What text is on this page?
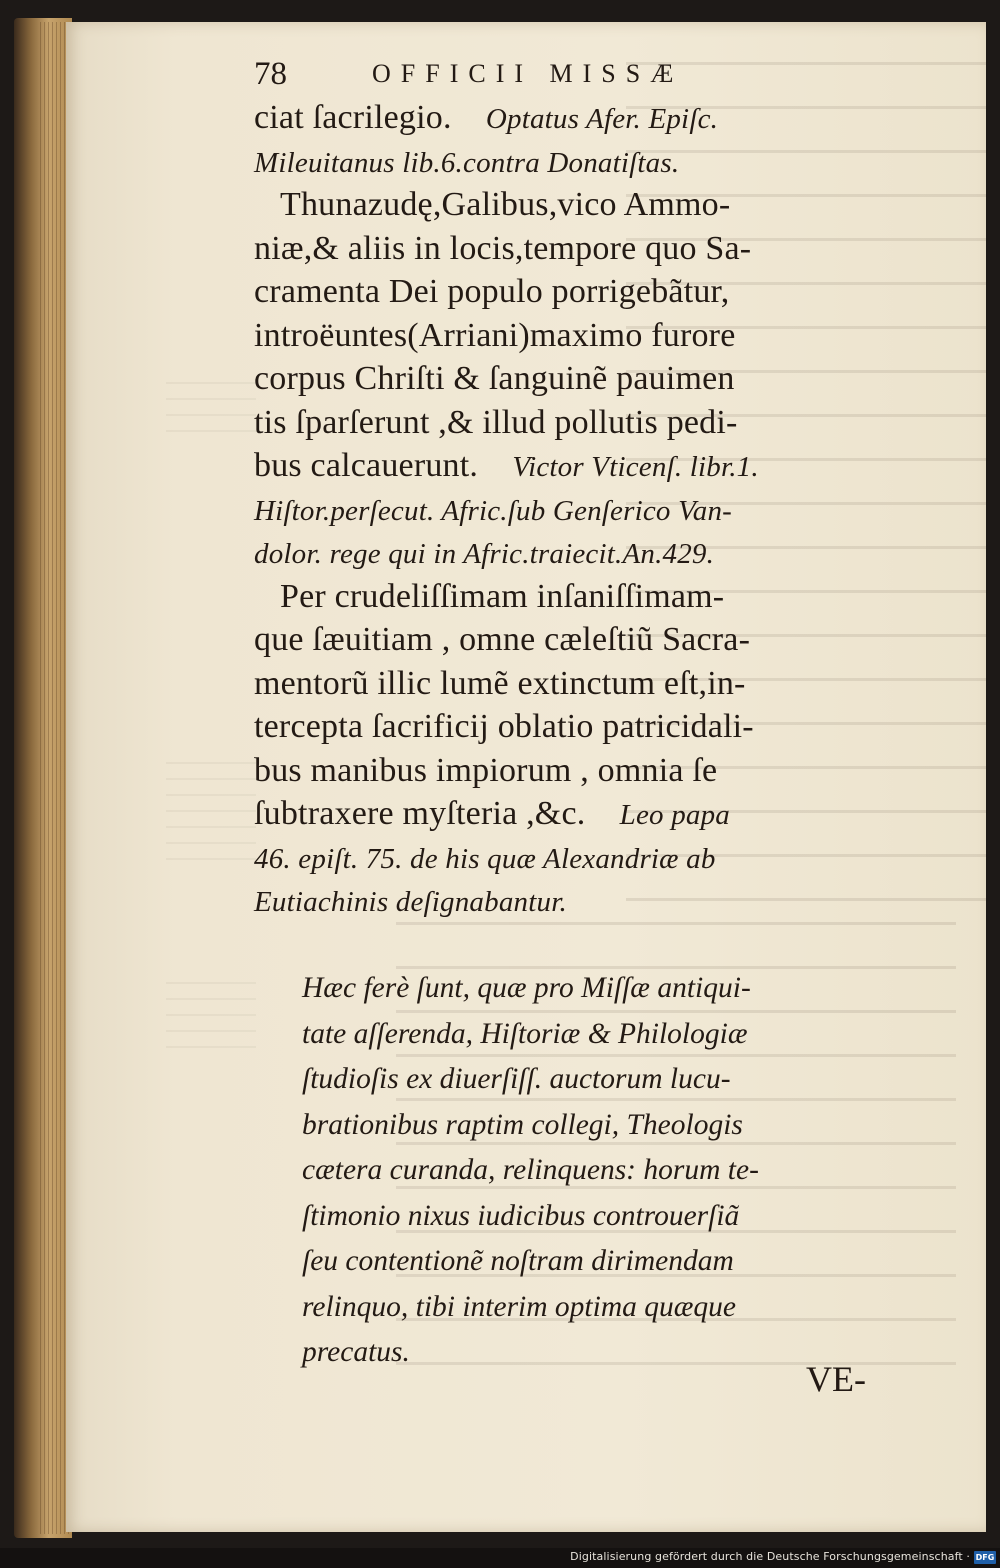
78	OFFICII MISSÆ
ciat ſacrilegio.  Optatus Afer. Epiſc.
Mileuitanus lib.6.contra Donatiſtas.
Thunazudę,Galibus,vico Ammo-
niæ,& aliis in locis,tempore quo Sa-
cramenta Dei populo porrigebãtur,
introëuntes(Arriani)maximo furore
corpus Chriſti & ſanguinẽ pauimen
tis ſparſerunt ,& illud pollutis pedi-
bus calcauerunt.  Victor Vticenſ. libr.1.
Hiſtor.perſecut. Afric.ſub Genſerico Van-
dolor. rege qui in Afric.traiecit.An.429.
Per crudeliſſimam inſaniſſimam-
que ſæuitiam , omne cæleſtiũ Sacra-
mentorũ illic lumẽ extinctum eſt,in-
tercepta ſacrificij oblatio patricidali-
bus manibus impiorum , omnia ſe
ſubtraxere myſteria ,&c.  Leo papa
46. epiſt. 75. de his quæ Alexandriæ ab
Eutiachinis deſignabantur.
Hæc ferè ſunt, quæ pro Miſſæ antiqui-
tate aſſerenda, Hiſtoriæ & Philologiæ
ſtudioſis ex diuerſiſſ. auctorum lucu-
brationibus raptim collegi, Theologis
cætera curanda, relinquens: horum te-
ſtimonio nixus iudicibus controuerſiã
ſeu contentionẽ noſtram dirimendam
relinquo, tibi interim optima quæque
precatus.
VE-
Digitalisierung gefördert durch die Deutsche Forschungsgemeinschaft · DFG
